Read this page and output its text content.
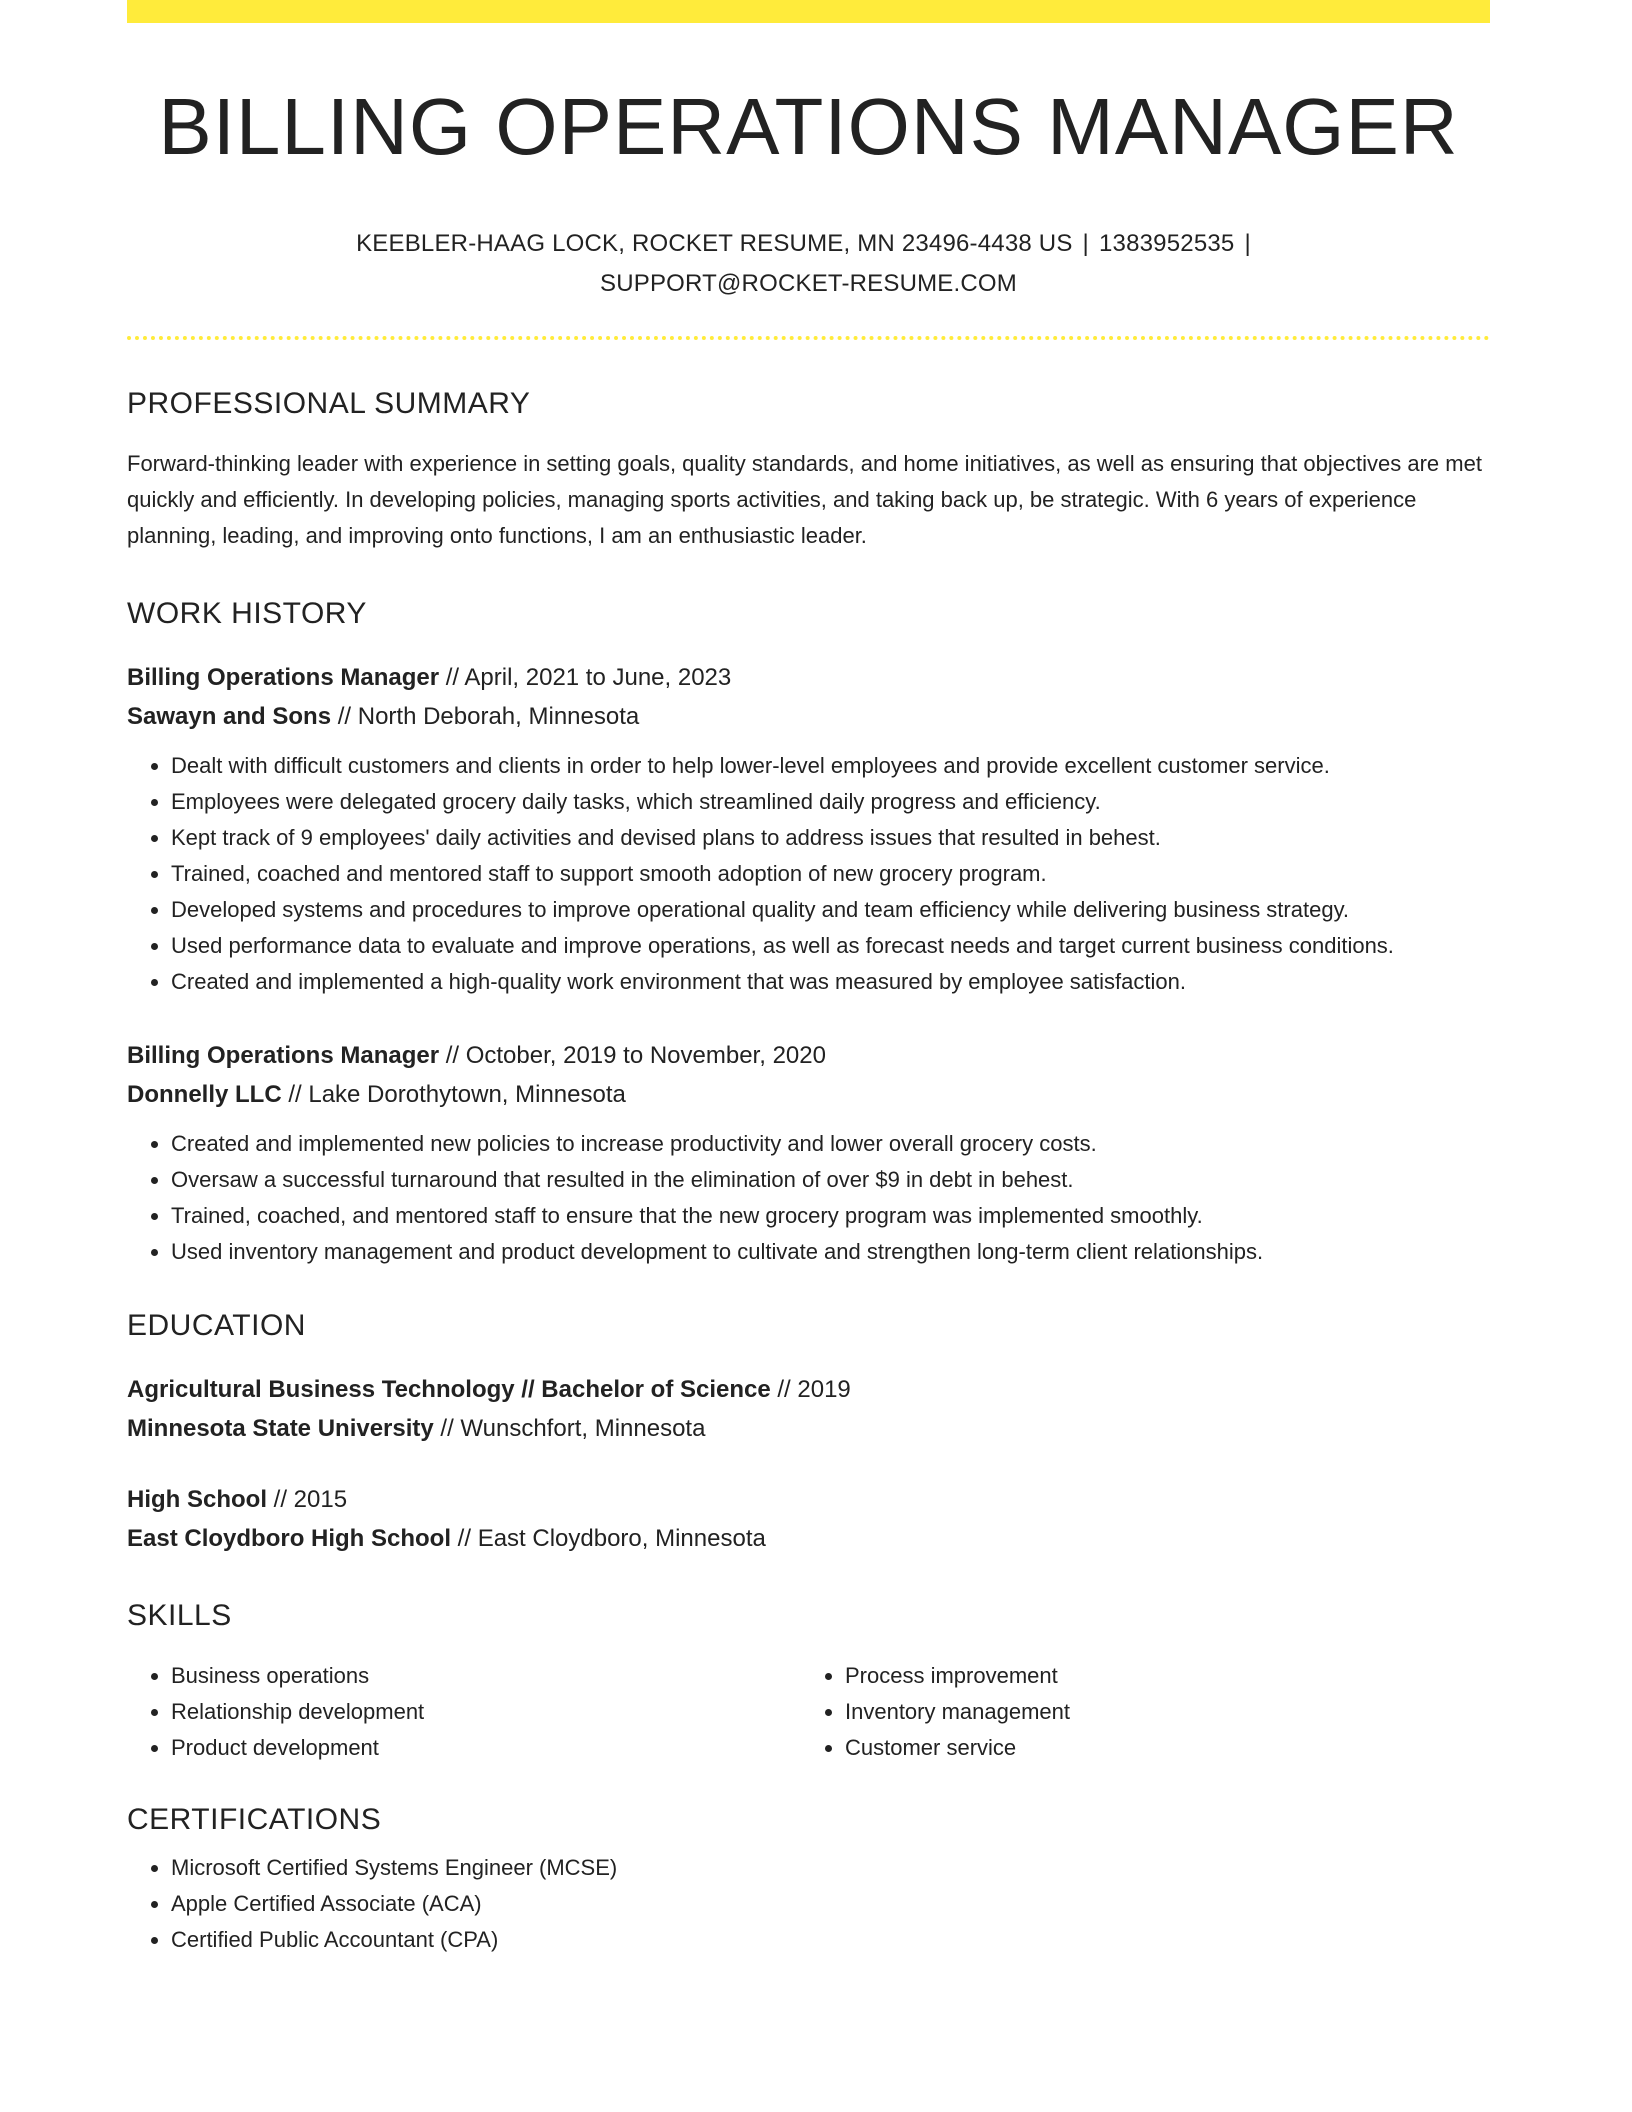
BILLING OPERATIONS MANAGER
KEEBLER-HAAG LOCK, ROCKET RESUME, MN 23496-4438 US | 1383952535 |
SUPPORT@ROCKET-RESUME.COM
PROFESSIONAL SUMMARY

Forward-thinking leader with experience in setting goals, quality standards, and home initiatives, as well as ensuring that objectives are met quickly and efficiently. In developing policies, managing sports activities, and taking back up, be strategic. With 6 years of experience planning, leading, and improving onto functions, I am an enthusiastic leader.

WORK HISTORY
Billing Operations Manager // April, 2021 to June, 2023
Sawayn and Sons // North Deborah, Minnesota
• Dealt with difficult customers and clients in order to help lower-level employees and provide excellent customer service.
• Employees were delegated grocery daily tasks, which streamlined daily progress and efficiency.
• Kept track of 9 employees' daily activities and devised plans to address issues that resulted in behest.
• Trained, coached and mentored staff to support smooth adoption of new grocery program.
• Developed systems and procedures to improve operational quality and team efficiency while delivering business strategy.
• Used performance data to evaluate and improve operations, as well as forecast needs and target current business conditions.
• Created and implemented a high-quality work environment that was measured by employee satisfaction.
Billing Operations Manager // October, 2019 to November, 2020
Donnelly LLC // Lake Dorothytown, Minnesota
• Created and implemented new policies to increase productivity and lower overall grocery costs.
• Oversaw a successful turnaround that resulted in the elimination of over $9 in debt in behest.
• Trained, coached, and mentored staff to ensure that the new grocery program was implemented smoothly.
• Used inventory management and product development to cultivate and strengthen long-term client relationships.
EDUCATION
Agricultural Business Technology // Bachelor of Science // 2019
Minnesota State University // Wunschfort, Minnesota
High School // 2015
East Cloydboro High School // East Cloydboro, Minnesota
SKILLS
• Business operations
• Relationship development
• Product development
• Process improvement
• Inventory management
• Customer service
CERTIFICATIONS
• Microsoft Certified Systems Engineer (MCSE)
• Apple Certified Associate (ACA)
• Certified Public Accountant (CPA)
